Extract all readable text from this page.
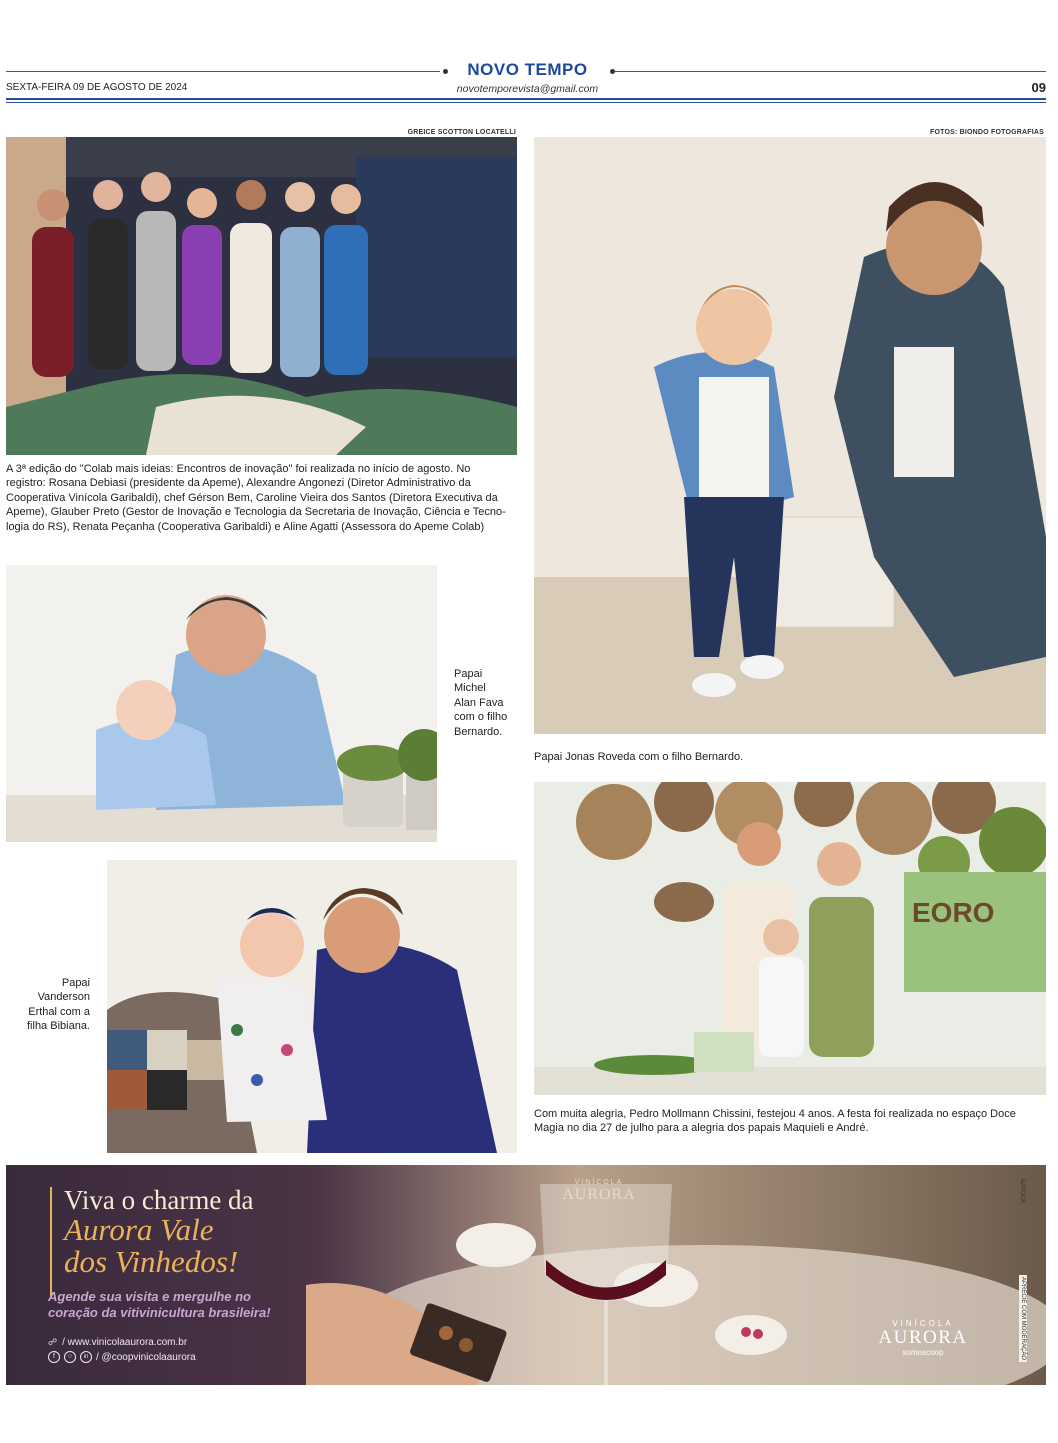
NOVO TEMPO
novotemporevista@gmail.com
SEXTA-FEIRA 09 DE AGOSTO DE 2024	09
GREICE SCOTTON LOCATELLI	FOTOS: BIONDO FOTOGRAFIAS
A 3ª edição do "Colab mais ideias: Encontros de inovação" foi realizada no início de agosto. No
registro: Rosana Debiasi (presidente da Apeme), Alexandre Angonezi (Diretor Administrativo da
Cooperativa Vinícola Garibaldi), chef Gérson Bem, Caroline Vieira dos Santos (Diretora Executiva da
Apeme), Glauber Preto (Gestor de Inovação e Tecnologia da Secretaria de Inovação, Ciência e Tecno-
logia do RS), Renata Peçanha (Cooperativa Garibaldi) e Aline Agatti (Assessora do Apeme Colab)
Papai Jonas Roveda com o filho Bernardo.
Papai
Michel
Alan Fava
com o filho
Bernardo.
Papai
Vanderson
Erthal com a
filha Bibiana.
EORO
Com muita alegria, Pedro Mollmann Chissini, festejou 4 anos. A festa foi realizada no espaço Doce
Magia no dia 27 de julho para a alegria dos papais Maquieli e André.
Viva o charme da
Aurora Vale
dos Vinhedos!
Agende sua visita e mergulhe no
coração da vitivinicultura brasileira!
☍ / www.vinicolaaurora.com.br
f	○	in / @coopvinicolaaurora
VINÍCOLA
AURORA
VINÍCOLA
AURORA
somoscoop
BATOCA
APRECIE COM MODERAÇÃO
